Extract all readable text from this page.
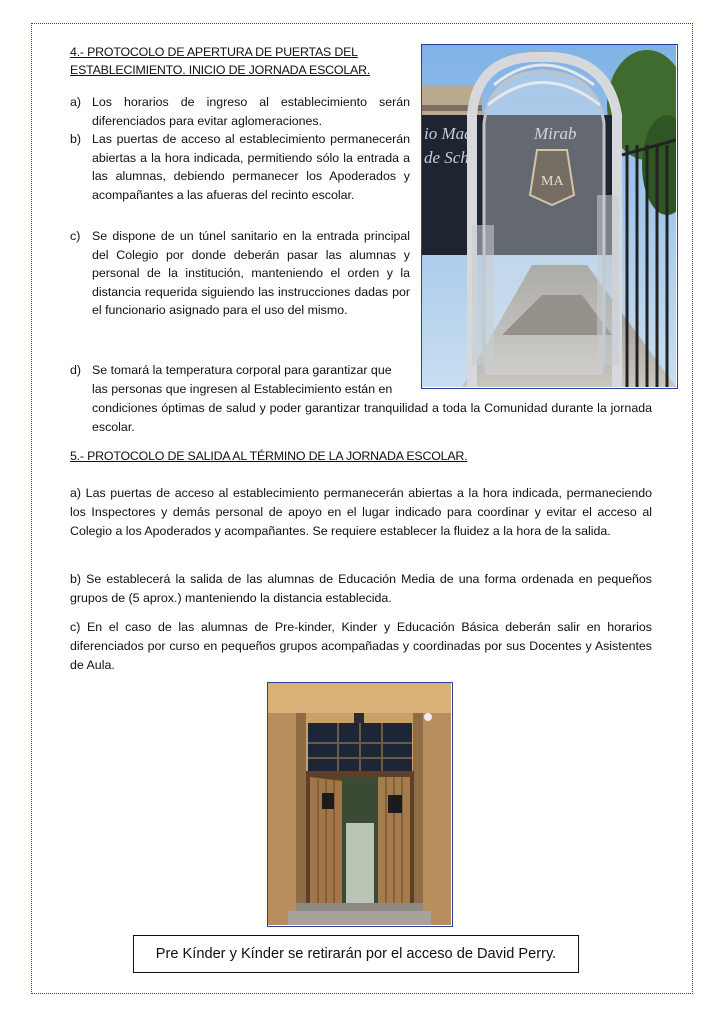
4.- PROTOCOLO DE APERTURA DE PUERTAS DEL
ESTABLECIMIENTO. INICIO DE JORNADA ESCOLAR.
a) Los horarios de ingreso al establecimiento serán diferenciados para evitar aglomeraciones.
b) Las puertas de acceso al establecimiento permanecerán abiertas a la hora indicada, permitiendo sólo la entrada a las alumnas, debiendo permanecer los Apoderados y acompañantes a las afueras del recinto escolar.
c) Se dispone de un túnel sanitario en la entrada principal del Colegio por donde deberán pasar las alumnas y personal de la institución, manteniendo el orden y la distancia requerida siguiendo las instrucciones dadas por el funcionario asignado para el uso del mismo.
d) Se tomará la temperatura corporal para garantizar que
las personas que ingresen al Establecimiento están en
condiciones óptimas de salud y poder garantizar tranquilidad a toda la Comunidad durante la jornada escolar.
io Mad
de Sch
5.- PROTOCOLO DE SALIDA AL TÉRMINO DE LA JORNADA ESCOLAR.
a) Las puertas de acceso al establecimiento permanecerán abiertas a la hora indicada, permaneciendo los Inspectores y demás personal de apoyo en el lugar indicado para coordinar y evitar el acceso al Colegio a los Apoderados y acompañantes. Se requiere establecer la fluidez a la hora de la salida.
b) Se establecerá la salida de las alumnas de Educación Media de una forma ordenada en pequeños grupos de (5 aprox.) manteniendo la distancia establecida.
c) En el caso de las alumnas de Pre-kinder, Kinder y Educación Básica deberán salir en horarios diferenciados por curso en pequeños grupos acompañadas y coordinadas por sus Docentes y Asistentes de Aula.
Pre Kínder y Kínder se retirarán por el acceso de David Perry.
